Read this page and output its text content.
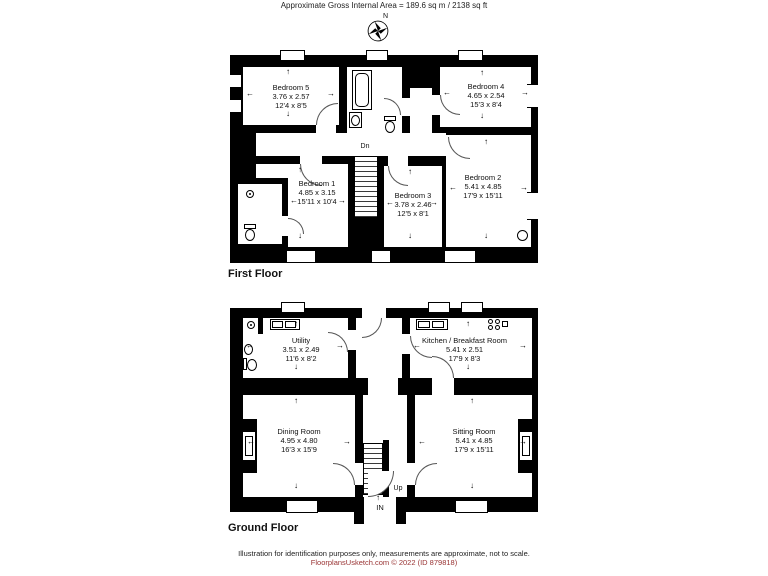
Approximate Gross Internal Area = 189.6 sq m / 2138 sq ft
N
Dn
Bedroom 5
3.76 x 2.57
12'4 x 8'5
Bedroom 4
4.65 x 2.54
15'3 x 8'4
Bedroom 1
4.85 x 3.15
15'11 x 10'4
Bedroom 3
3.78 x 2.46
12'5 x 8'1
Bedroom 2
5.41 x 4.85
17'9 x 15'11
↑
↓
←	→
↑
↓
←	→
↑
↓
←	→
↑
↓
←	→
↑
↓
←	→
First Floor
Up
Utility
3.51 x 2.49
11'6 x 8'2
Kitchen / Breakfast Room
5.41 x 2.51
17'9 x 8'3
Dining Room
4.95 x 4.80
16'3 x 15'9
Sitting Room
5.41 x 4.85
17'9 x 15'11
↑
IN
↑
↓
←	→
↑
↓
←	→
↑
↓
←	→
↑
↓
←	→
Ground Floor
Illustration for identification purposes only, measurements are approximate, not to scale.
FloorplansUsketch.com © 2022 (ID 879818)
